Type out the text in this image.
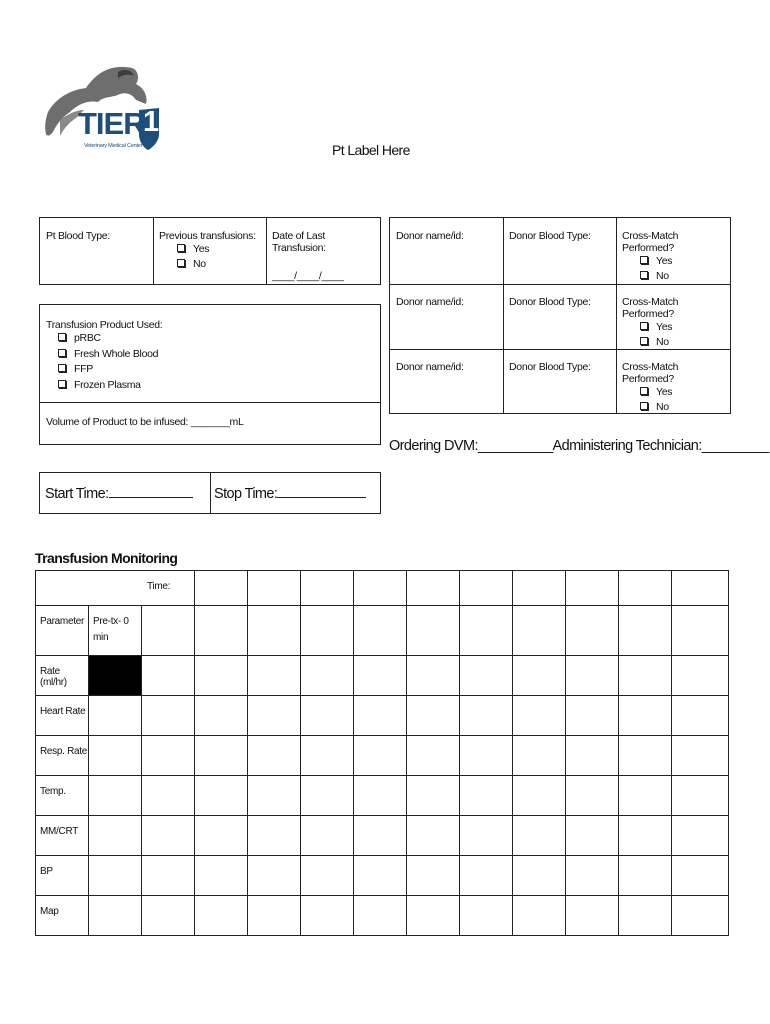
TIER
1
Veterinary Medical Center	Pt Label Here
Pt Blood Type:	Previous transfusions:
Yes
No
Date of Last Transfusion:
____/____/____
Transfusion Product Used:
pRBC
Fresh Whole Blood
FFP
Frozen Plasma
Volume of Product to be infused: _______mL
Donor name/id:	Donor Blood Type:	Cross-Match Performed?
Yes
No
Donor name/id:	Donor Blood Type:	Cross-Match Performed?
Yes
No
Donor name/id:	Donor Blood Type:	Cross-Match Performed?
Yes
No
Ordering DVM:__________Administering Technician:_________
Start Time:	Stop Time:
Transfusion Monitoring
Time:												
Parameter	Pre-tx- 0 min											
Rate (ml/hr)												
Heart Rate												
Resp. Rate												
Temp.												
MM/CRT												
BP												
Map												
